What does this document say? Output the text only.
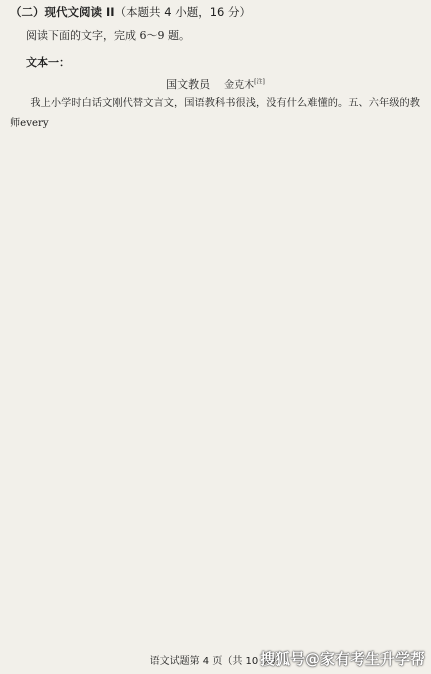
（二）现代文阅读 II（本题共 4 小题，16 分）
阅读下面的文字，完成 6～9 题。
文本一：
国文教员 金克木[注]

我上小学时白话文刚代替文言文，国语教科书很浅，没有什么难懂的。五、六年级的教师every

语文试题第 4 页（共 10 页）
搜狐号@家有考生升学帮
